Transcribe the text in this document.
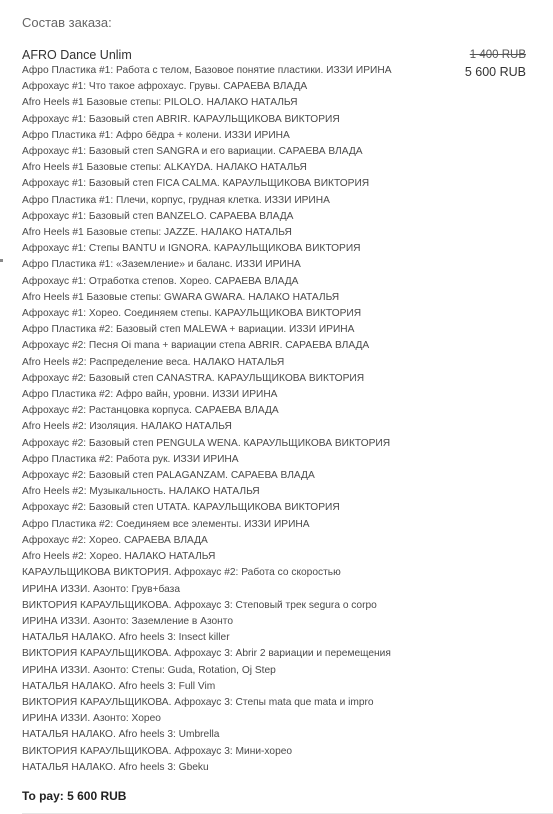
Состав заказа:
AFRO Dance Unlim
Афро Пластика #1: Работа с телом, Базовое понятие пластики. ИЗЗИ ИРИНА
Афрохаус #1: Что такое афрохаус. Грувы. САРАЕВА ВЛАДА
Afro Heels #1 Базовые степы: PILOLO. НАЛАКО НАТАЛЬЯ
Афрохаус #1: Базовый степ ABRIR. КАРАУЛЬЩИКОВА ВИКТОРИЯ
Афро Пластика #1: Афро бёдра + колени. ИЗЗИ ИРИНА
Афрохаус #1: Базовый степ SANGRA и его вариации. САРАЕВА ВЛАДА
Afro Heels #1 Базовые степы: ALKAYDA. НАЛАКО НАТАЛЬЯ
Афрохаус #1: Базовый степ FICA CALMA. КАРАУЛЬЩИКОВА ВИКТОРИЯ
Афро Пластика #1: Плечи, корпус, грудная клетка. ИЗЗИ ИРИНА
Афрохаус #1: Базовый степ BANZELO. САРАЕВА ВЛАДА
Afro Heels #1 Базовые степы: JAZZE. НАЛАКО НАТАЛЬЯ
Афрохаус #1: Степы BANTU и IGNORA. КАРАУЛЬЩИКОВА ВИКТОРИЯ
Афро Пластика #1: «Заземление» и баланс. ИЗЗИ ИРИНА
Афрохаус #1: Отработка степов. Хорео. САРАЕВА ВЛАДА
Afro Heels #1 Базовые степы: GWARA GWARA. НАЛАКО НАТАЛЬЯ
Афрохаус #1: Хорео. Соединяем степы. КАРАУЛЬЩИКОВА ВИКТОРИЯ
Афро Пластика #2: Базовый степ MALEWA + вариации. ИЗЗИ ИРИНА
Афрохаус #2: Песня Oi mana + вариации степа ABRIR. САРАЕВА ВЛАДА
Afro Heels #2: Распределение веса. НАЛАКО НАТАЛЬЯ
Афрохаус #2: Базовый степ CANASTRA. КАРАУЛЬЩИКОВА ВИКТОРИЯ
Афро Пластика #2: Афро вайн, уровни. ИЗЗИ ИРИНА
Афрохаус #2: Растанцовка корпуса. САРАЕВА ВЛАДА
Afro Heels #2: Изоляция. НАЛАКО НАТАЛЬЯ
Афрохаус #2: Базовый степ PENGULA WENA. КАРАУЛЬЩИКОВА ВИКТОРИЯ
Афро Пластика #2: Работа рук. ИЗЗИ ИРИНА
Афрохаус #2: Базовый степ PALAGANZAM. САРАЕВА ВЛАДА
Afro Heels #2: Музыкальность. НАЛАКО НАТАЛЬЯ
Афрохаус #2: Базовый степ UTATA. КАРАУЛЬЩИКОВА ВИКТОРИЯ
Афро Пластика #2: Соединяем все элементы. ИЗЗИ ИРИНА
Афрохаус #2: Хорео. САРАЕВА ВЛАДА
Afro Heels #2: Хорео. НАЛАКО НАТАЛЬЯ
КАРАУЛЬЩИКОВА ВИКТОРИЯ. Афрохаус #2: Работа со скоростью
ИРИНА ИЗЗИ. Азонто: Грув+база
ВИКТОРИЯ КАРАУЛЬЩИКОВА. Афрохаус 3: Степовый трек segura o corpo
ИРИНА ИЗЗИ. Азонто: Заземление в Азонто
НАТАЛЬЯ НАЛАКО. Afro heels 3: Insect killer
ВИКТОРИЯ КАРАУЛЬЩИКОВА. Афрохаус 3: Abrir 2 вариации и перемещения
ИРИНА ИЗЗИ. Азонто: Степы: Guda, Rotation, Oj Step
НАТАЛЬЯ НАЛАКО. Afro heels 3: Full Vim
ВИКТОРИЯ КАРАУЛЬЩИКОВА. Афрохаус 3: Степы mata que mata и impro
ИРИНА ИЗЗИ. Азонто: Хорео
НАТАЛЬЯ НАЛАКО. Afro heels 3: Umbrella
ВИКТОРИЯ КАРАУЛЬЩИКОВА. Афрохаус 3: Мини-хорео
НАТАЛЬЯ НАЛАКО. Afro heels 3: Gbeku
1 400 RUB
5 600 RUB
To pay: 5 600 RUB
